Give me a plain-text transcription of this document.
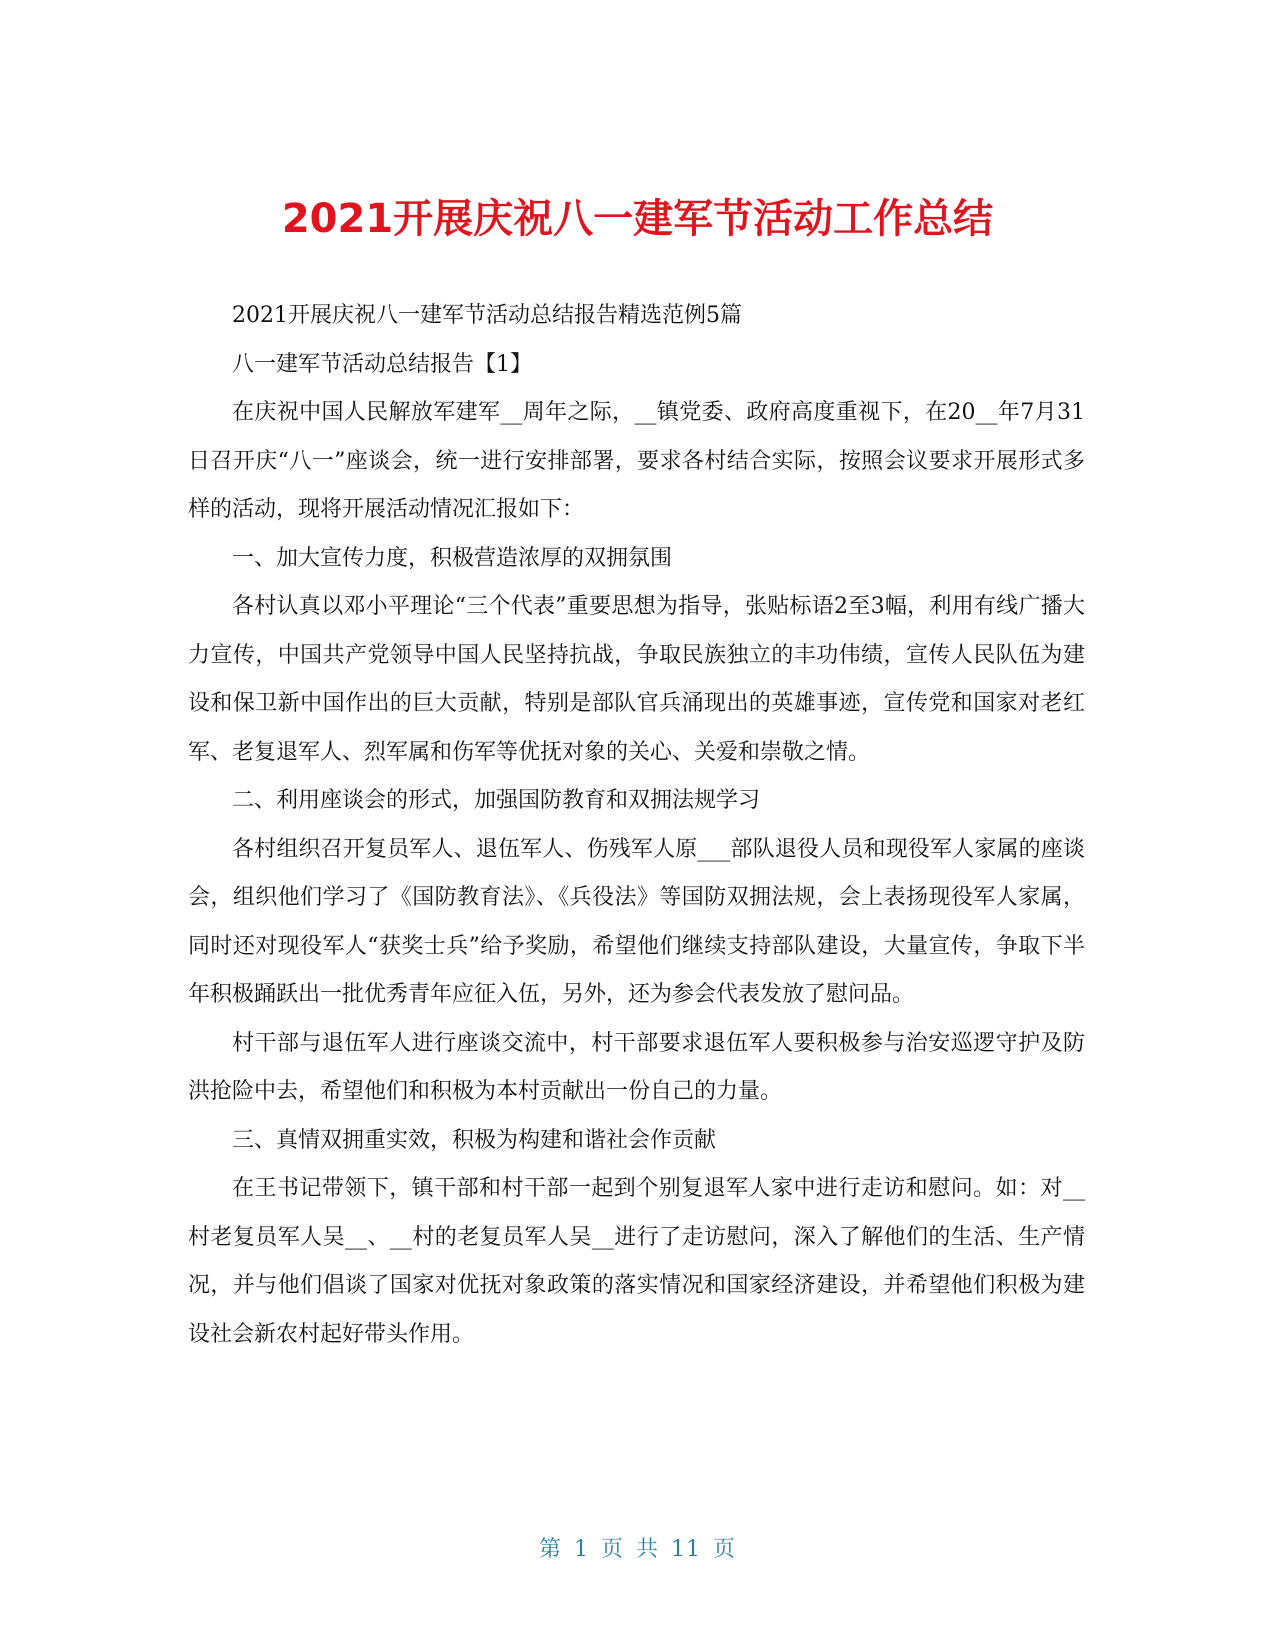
2021开展庆祝八一建军节活动工作总结

2021开展庆祝八一建军节活动总结报告精选范例5篇

八一建军节活动总结报告【1】

在庆祝中国人民解放军建军__周年之际，__镇党委、政府高度重视下，在20__年7月31日召开庆“八一”座谈会，统一进行安排部署，要求各村结合实际，按照会议要求开展形式多样的活动，现将开展活动情况汇报如下：

一、加大宣传力度，积极营造浓厚的双拥氛围

各村认真以邓小平理论“三个代表”重要思想为指导，张贴标语2至3幅，利用有线广播大力宣传，中国共产党领导中国人民坚持抗战，争取民族独立的丰功伟绩，宣传人民队伍为建设和保卫新中国作出的巨大贡献，特别是部队官兵涌现出的英雄事迹，宣传党和国家对老红军、老复退军人、烈军属和伤军等优抚对象的关心、关爱和崇敬之情。

二、利用座谈会的形式，加强国防教育和双拥法规学习

各村组织召开复员军人、退伍军人、伤残军人原___部队退役人员和现役军人家属的座谈会，组织他们学习了《国防教育法》、《兵役法》等国防双拥法规，会上表扬现役军人家属，同时还对现役军人“获奖士兵”给予奖励，希望他们继续支持部队建设，大量宣传，争取下半年积极踊跃出一批优秀青年应征入伍，另外，还为参会代表发放了慰问品。

村干部与退伍军人进行座谈交流中，村干部要求退伍军人要积极参与治安巡逻守护及防洪抢险中去，希望他们和积极为本村贡献出一份自己的力量。

三、真情双拥重实效，积极为构建和谐社会作贡献

在王书记带领下，镇干部和村干部一起到个别复退军人家中进行走访和慰问。如：对__村老复员军人吴__、__村的老复员军人吴__进行了走访慰问，深入了解他们的生活、生产情况，并与他们倡谈了国家对优抚对象政策的落实情况和国家经济建设，并希望他们积极为建设社会新农村起好带头作用。

第 1 页 共 11 页
